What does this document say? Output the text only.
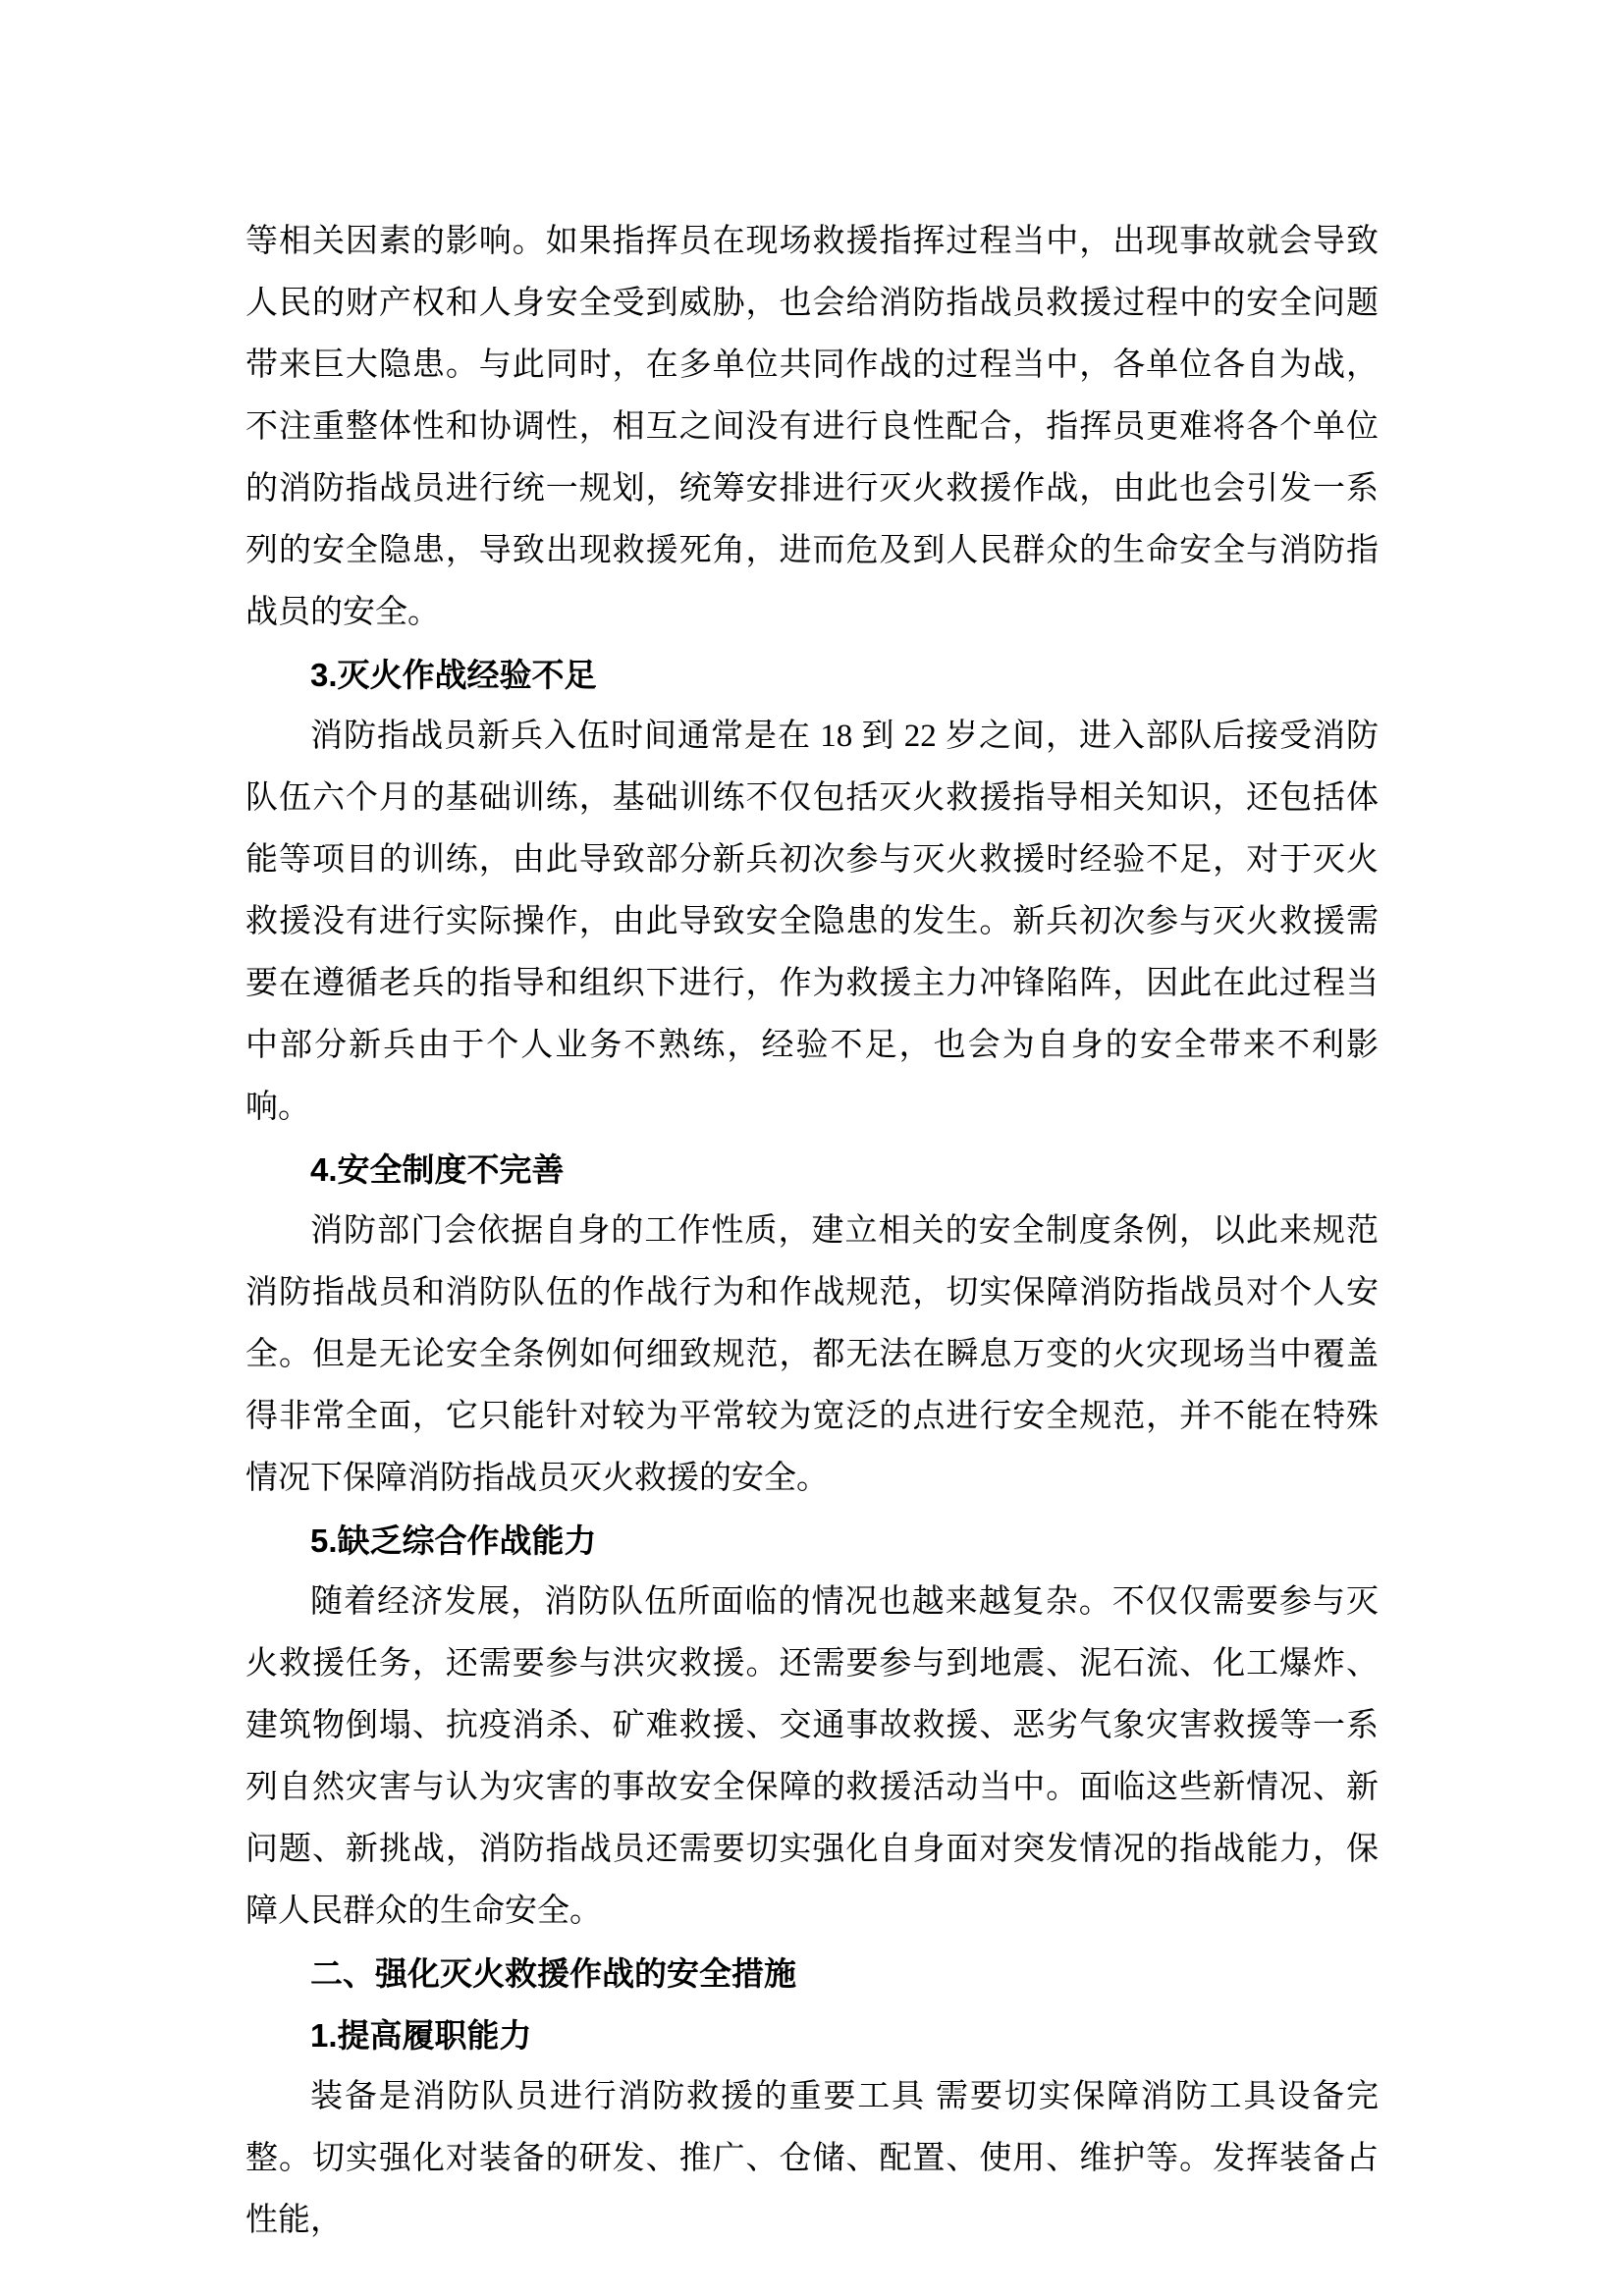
等相关因素的影响。如果指挥员在现场救援指挥过程当中，出现事故就会导致人民的财产权和人身安全受到威胁，也会给消防指战员救援过程中的安全问题带来巨大隐患。与此同时，在多单位共同作战的过程当中，各单位各自为战，不注重整体性和协调性，相互之间没有进行良性配合，指挥员更难将各个单位的消防指战员进行统一规划，统筹安排进行灭火救援作战，由此也会引发一系列的安全隐患，导致出现救援死角，进而危及到人民群众的生命安全与消防指战员的安全。

3.灭火作战经验不足

消防指战员新兵入伍时间通常是在 18 到 22 岁之间，进入部队后接受消防队伍六个月的基础训练，基础训练不仅包括灭火救援指导相关知识，还包括体能等项目的训练，由此导致部分新兵初次参与灭火救援时经验不足，对于灭火救援没有进行实际操作，由此导致安全隐患的发生。新兵初次参与灭火救援需要在遵循老兵的指导和组织下进行，作为救援主力冲锋陷阵，因此在此过程当中部分新兵由于个人业务不熟练，经验不足，也会为自身的安全带来不利影响。

4.安全制度不完善

消防部门会依据自身的工作性质，建立相关的安全制度条例，以此来规范消防指战员和消防队伍的作战行为和作战规范，切实保障消防指战员对个人安全。但是无论安全条例如何细致规范，都无法在瞬息万变的火灾现场当中覆盖得非常全面，它只能针对较为平常较为宽泛的点进行安全规范，并不能在特殊情况下保障消防指战员灭火救援的安全。

5.缺乏综合作战能力

随着经济发展，消防队伍所面临的情况也越来越复杂。不仅仅需要参与灭火救援任务，还需要参与洪灾救援。还需要参与到地震、泥石流、化工爆炸、建筑物倒塌、抗疫消杀、矿难救援、交通事故救援、恶劣气象灾害救援等一系列自然灾害与认为灾害的事故安全保障的救援活动当中。面临这些新情况、新问题、新挑战，消防指战员还需要切实强化自身面对突发情况的指战能力，保障人民群众的生命安全。

二、强化灭火救援作战的安全措施
1.提高履职能力

装备是消防队员进行消防救援的重要工具 需要切实保障消防工具设备完整。切实强化对装备的研发、推广、仓储、配置、使用、维护等。发挥装备占性能，
